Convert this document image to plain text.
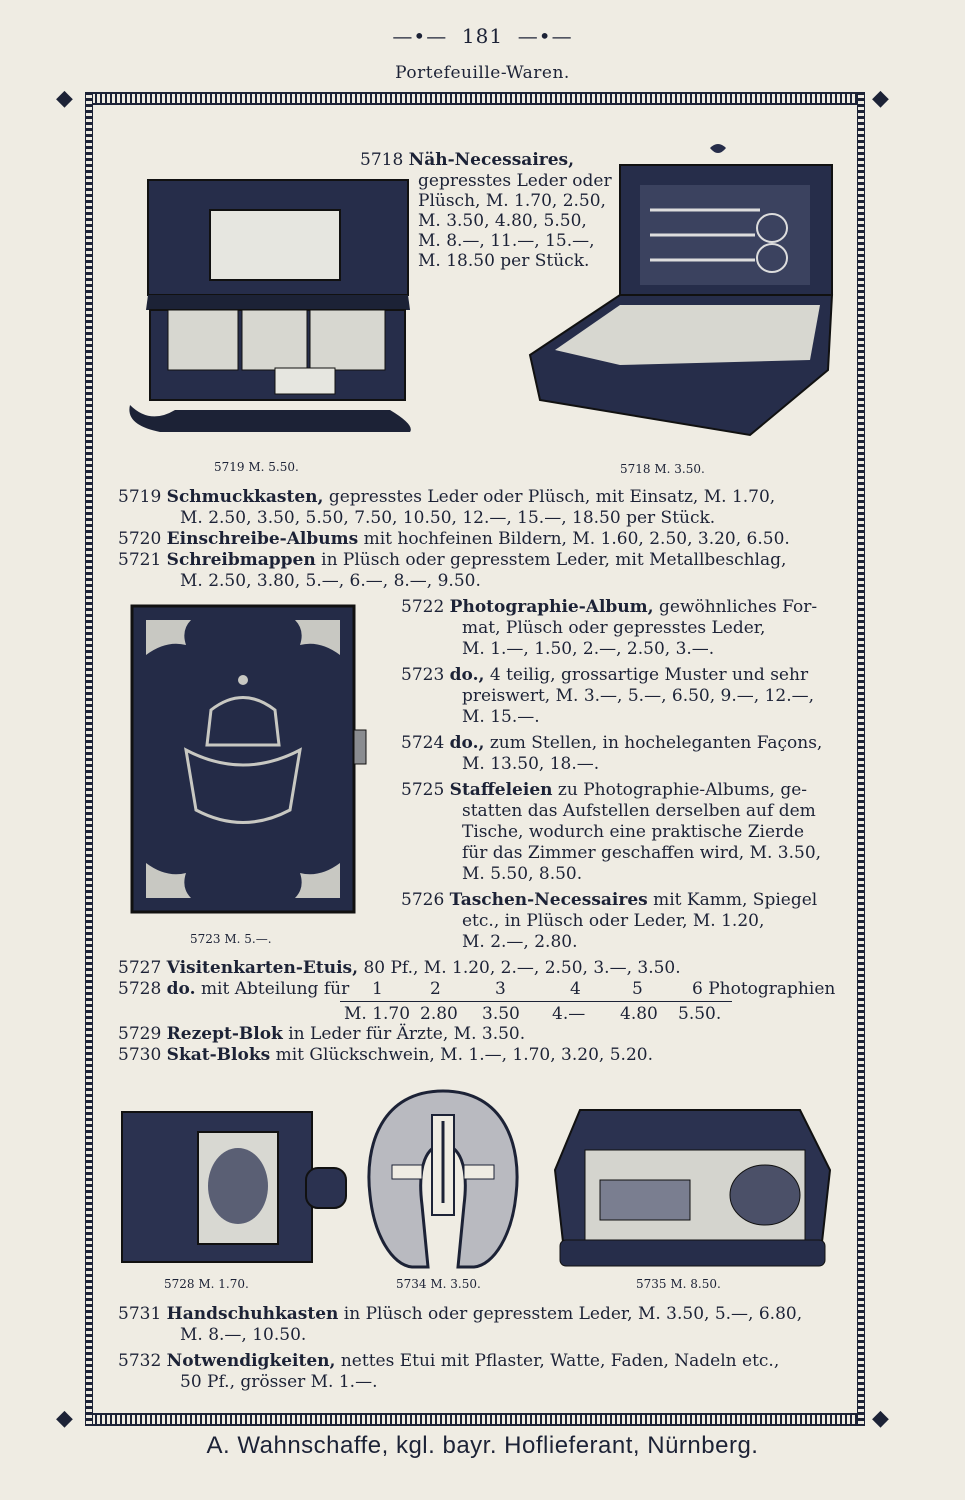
—•—  181  —•—
Portefeuille-Waren.
◆	◆
◆	◆
5718 Näh-Necessaires,
gepresstes Leder oder
Plüsch, M. 1.70, 2.50,
M. 3.50, 4.80, 5.50,
M. 8.—, 11.—, 15.—,
M. 18.50 per Stück.
5719 M. 5.50.	5718 M. 3.50.
5719 Schmuckkasten, gepresstes Leder oder Plüsch, mit Einsatz, M. 1.70,
M. 2.50, 3.50, 5.50, 7.50, 10.50, 12.—, 15.—, 18.50 per Stück.
5720 Einschreibe-Albums mit hochfeinen Bildern, M. 1.60, 2.50, 3.20, 6.50.
5721 Schreibmappen in Plüsch oder gepresstem Leder, mit Metallbeschlag,
M. 2.50, 3.80, 5.—, 6.—, 8.—, 9.50.
5723 M. 5.—.
5722 Photographie-Album, gewöhnliches For-
mat, Plüsch oder gepresstes Leder,
M. 1.—, 1.50, 2.—, 2.50, 3.—.
5723 do., 4 teilig, grossartige Muster und sehr
preiswert, M. 3.—, 5.—, 6.50, 9.—, 12.—,
M. 15.—.
5724 do., zum Stellen, in hocheleganten Façons,
M. 13.50, 18.—.
5725 Staffeleien zu Photographie-Albums, ge-
statten das Aufstellen derselben auf dem
Tische, wodurch eine praktische Zierde
für das Zimmer geschaffen wird, M. 3.50,
M. 5.50, 8.50.
5726 Taschen-Necessaires mit Kamm, Spiegel
etc., in Plüsch oder Leder, M. 1.20,
M. 2.—, 2.80.
5727 Visitenkarten-Etuis, 80 Pf., M. 1.20, 2.—, 2.50, 3.—, 3.50.
5728 do. mit Abteilung für 1	2	3	4	5	6 Photographien
M. 1.70 2.80 3.50 4.— 4.80 5.50.
5729 Rezept-Blok in Leder für Ärzte, M. 3.50.
5730 Skat-Bloks mit Glückschwein, M. 1.—, 1.70, 3.20, 5.20.
5728 M. 1.70.	5734 M. 3.50.	5735 M. 8.50.
5731 Handschuhkasten in Plüsch oder gepresstem Leder, M. 3.50, 5.—, 6.80,
M. 8.—, 10.50.
5732 Notwendigkeiten, nettes Etui mit Pflaster, Watte, Faden, Nadeln etc.,
50 Pf., grösser M. 1.—.
A. Wahnschaffe, kgl. bayr. Hoflieferant, Nürnberg.
